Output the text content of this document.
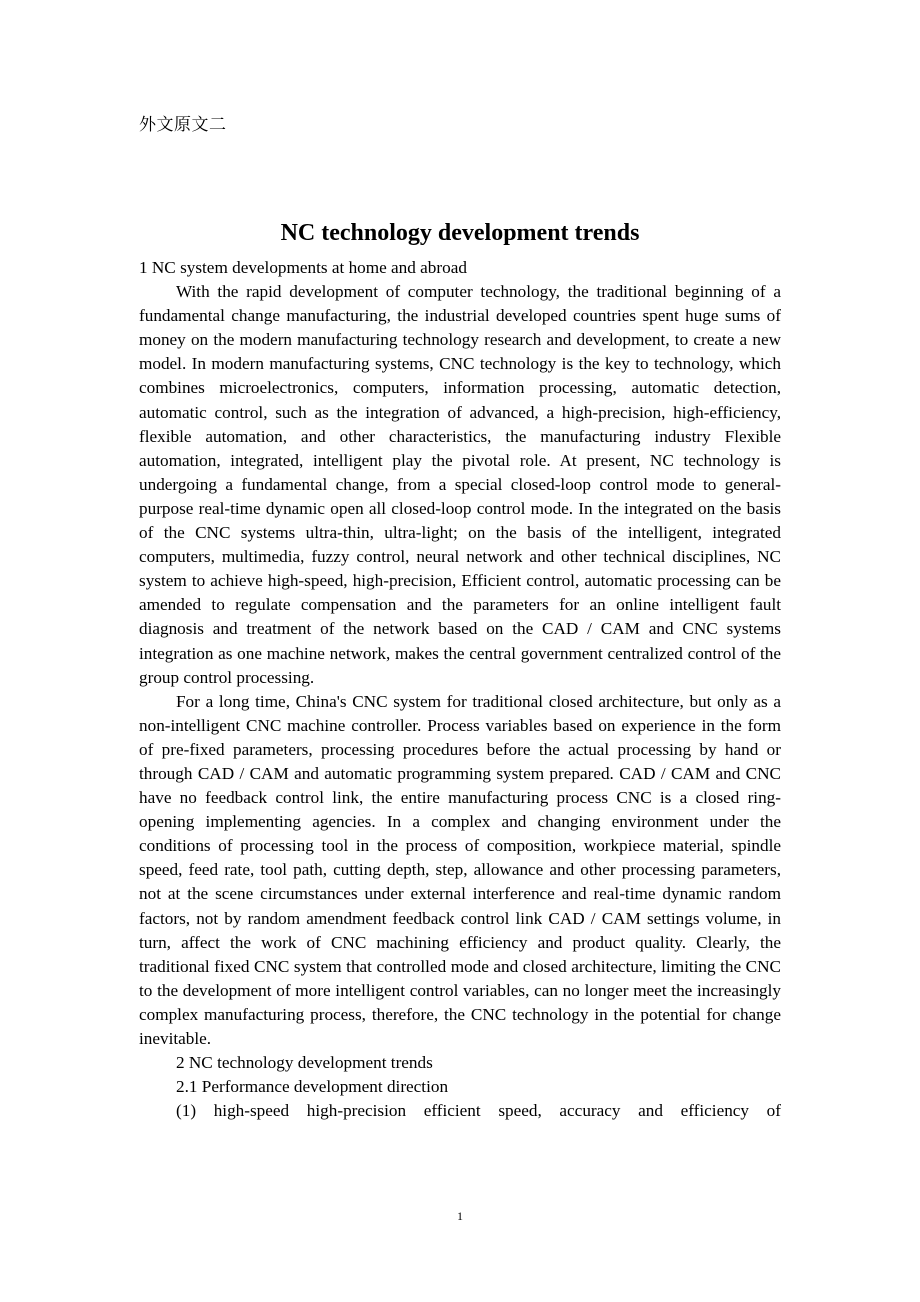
外文原文二
NC technology development trends

1 NC system developments at home and abroad

With the rapid development of computer technology, the traditional beginning of a fundamental change manufacturing, the industrial developed countries spent huge sums of money on the modern manufacturing technology research and development, to create a new model. In modern manufacturing systems, CNC technology is the key to technology, which combines microelectronics, computers, information processing, automatic detection, automatic control, such as the integration of advanced, a high-precision, high-efficiency, flexible automation, and other characteristics, the manufacturing industry Flexible automation, integrated, intelligent play the pivotal role. At present, NC technology is undergoing a fundamental change, from a special closed-loop control mode to general-purpose real-time dynamic open all closed-loop control mode. In the integrated on the basis of the CNC systems ultra-thin, ultra-light; on the basis of the intelligent, integrated computers, multimedia, fuzzy control, neural network and other technical disciplines, NC system to achieve high-speed, high-precision, Efficient control, automatic processing can be amended to regulate compensation and the parameters for an online intelligent fault diagnosis and treatment of the network based on the CAD / CAM and CNC systems integration as one machine network, makes the central government centralized control of the group control processing.

For a long time, China's CNC system for traditional closed architecture, but only as a non-intelligent CNC machine controller. Process variables based on experience in the form of pre-fixed parameters, processing procedures before the actual processing by hand or through CAD / CAM and automatic programming system prepared. CAD / CAM and CNC have no feedback control link, the entire manufacturing process CNC is a closed ring-opening implementing agencies. In a complex and changing environment under the conditions of processing tool in the process of composition, workpiece material, spindle speed, feed rate, tool path, cutting depth, step, allowance and other processing parameters, not at the scene circumstances under external interference and real-time dynamic random factors, not by random amendment feedback control link CAD / CAM settings volume, in turn, affect the work of CNC machining efficiency and product quality. Clearly, the traditional fixed CNC system that controlled mode and closed architecture, limiting the CNC to the development of more intelligent control variables, can no longer meet the increasingly complex manufacturing process, therefore, the CNC technology in the potential for change inevitable.

2 NC technology development trends

2.1 Performance development direction

(1) high-speed high-precision efficient speed, accuracy and efficiency of

1
